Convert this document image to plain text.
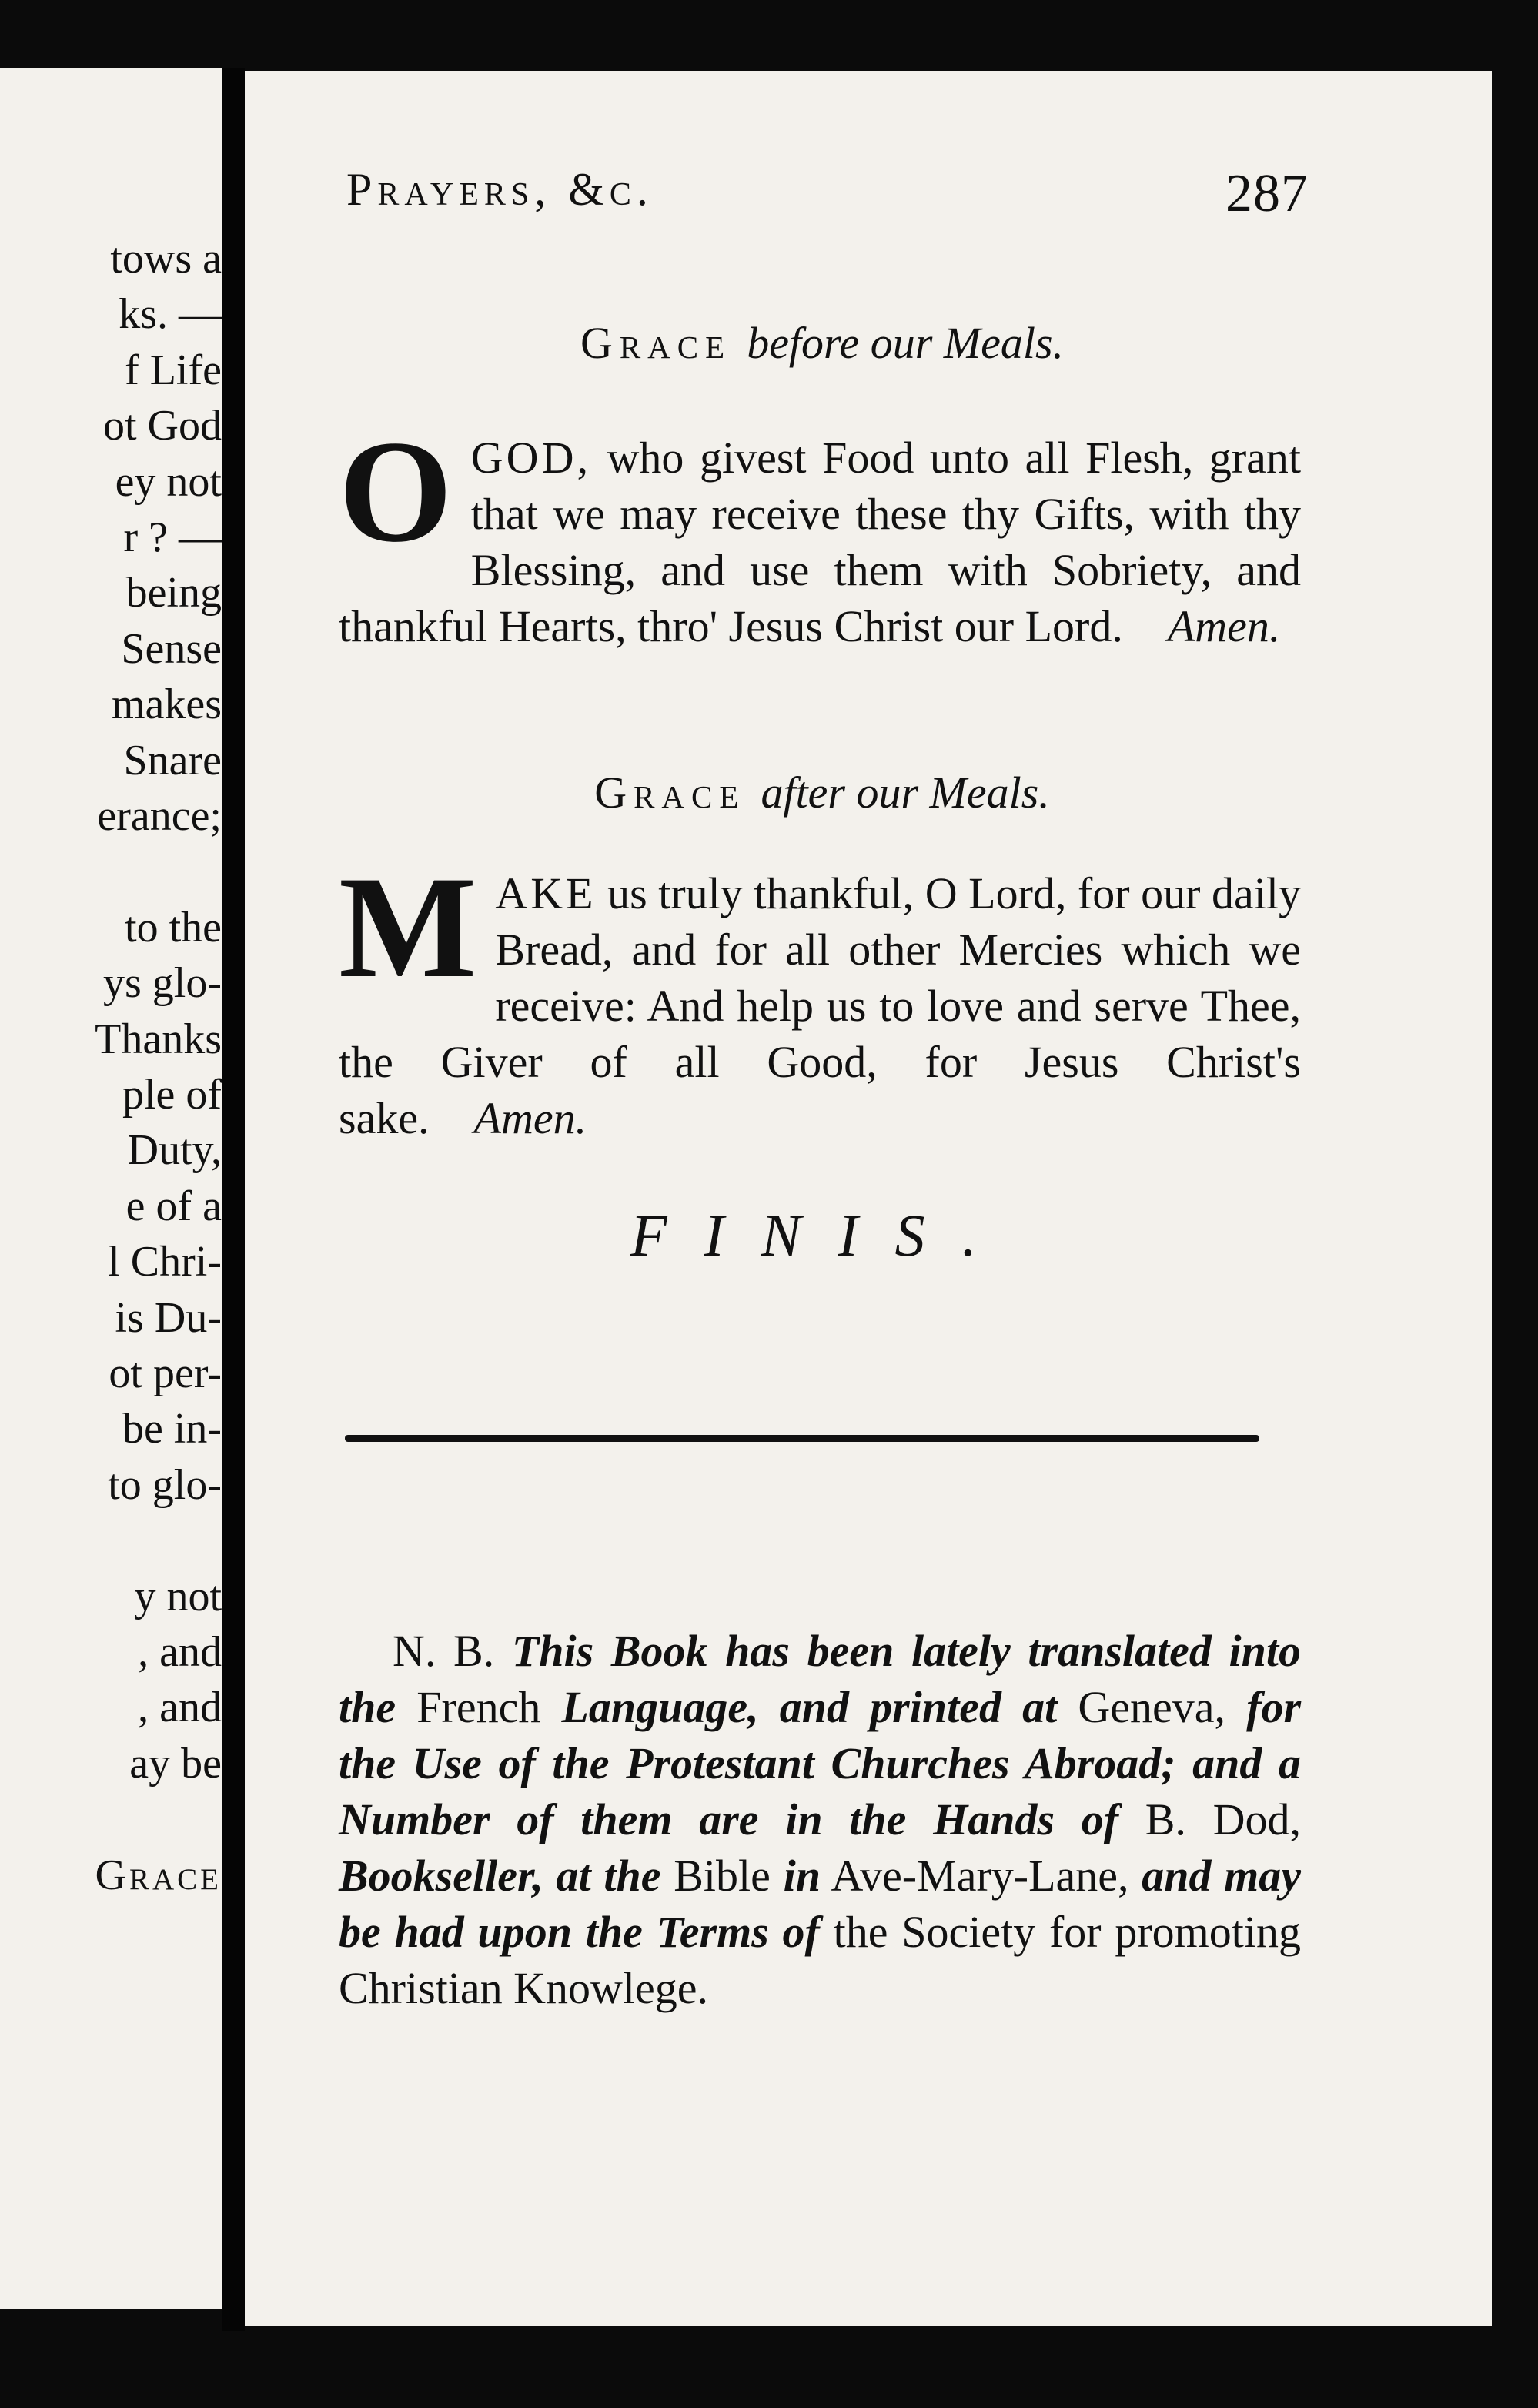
tows a
ks. —
f Life
ot God
ey not
r ? —
being
Sense
makes
Snare
erance;
to the
ys glo-
Thanks
ple of
Duty,
e of a
l Chri-
is Du-
ot per-
be in-
to glo-
y not
, and
, and
ay be
Grace
Prayers, &c.	287
Grace before our Meals.
OGOD, who givest Food unto all Flesh, grant that we may receive these thy Gifts, with thy Blessing, and use them with Sobriety, and thankful Hearts, thro' Jesus Christ our Lord. Amen.
Grace after our Meals.
MAKE us truly thankful, O Lord, for our daily Bread, and for all other Mercies which we receive: And help us to love and serve Thee, the Giver of all Good, for Jesus Christ's sake. Amen.
FINIS.
N. B. This Book has been lately translated into the French Language, and printed at Geneva, for the Use of the Protestant Churches Abroad; and a Number of them are in the Hands of B. Dod, Bookseller, at the Bible in Ave-Mary-Lane, and may be had upon the Terms of the Society for promoting Christian Knowlege.
